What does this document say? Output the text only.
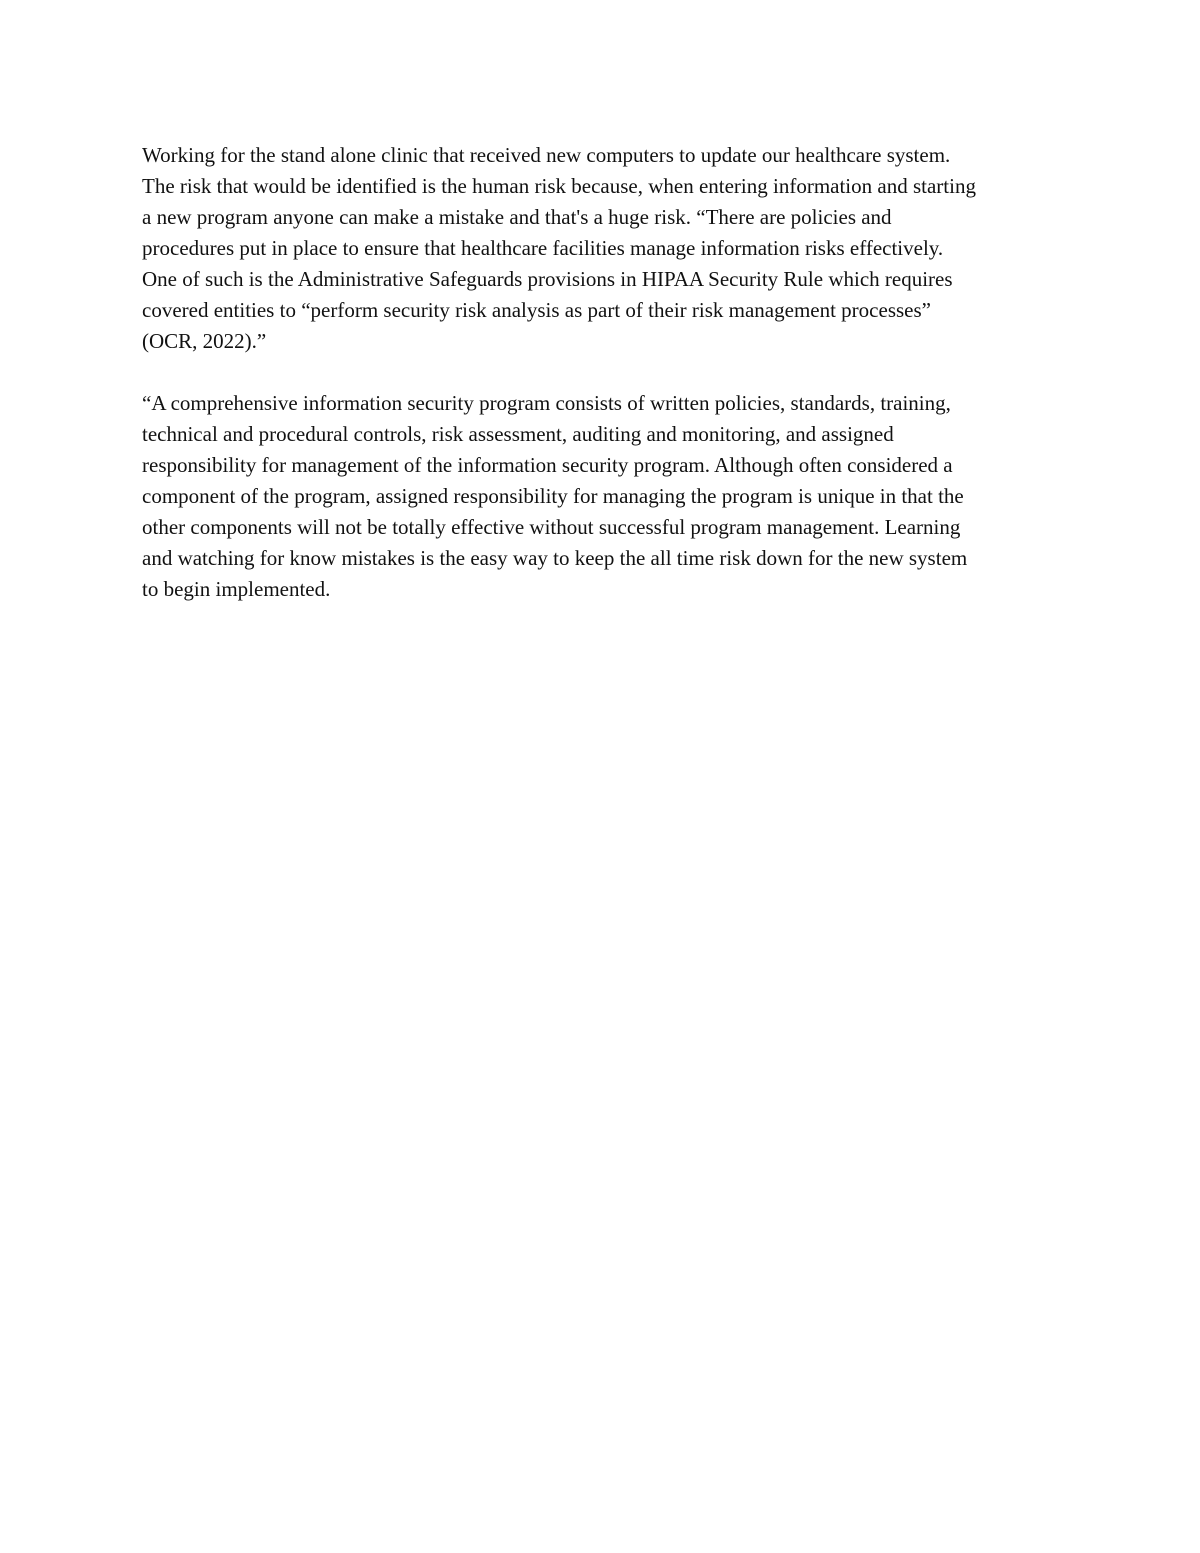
Working for the stand alone clinic that received new computers to update our healthcare system.
The risk that would be identified is the human risk because, when entering information and starting
a new program anyone can make a mistake and that's a huge risk. “There are policies and
procedures put in place to ensure that healthcare facilities manage information risks effectively.
One of such is the Administrative Safeguards provisions in HIPAA Security Rule which requires
covered entities to “perform security risk analysis as part of their risk management processes”
(OCR, 2022).”

“A comprehensive information security program consists of written policies, standards, training,
technical and procedural controls, risk assessment, auditing and monitoring, and assigned
responsibility for management of the information security program. Although often considered a
component of the program, assigned responsibility for managing the program is unique in that the
other components will not be totally effective without successful program management. Learning
and watching for know mistakes is the easy way to keep the all time risk down for the new system
to begin implemented.
